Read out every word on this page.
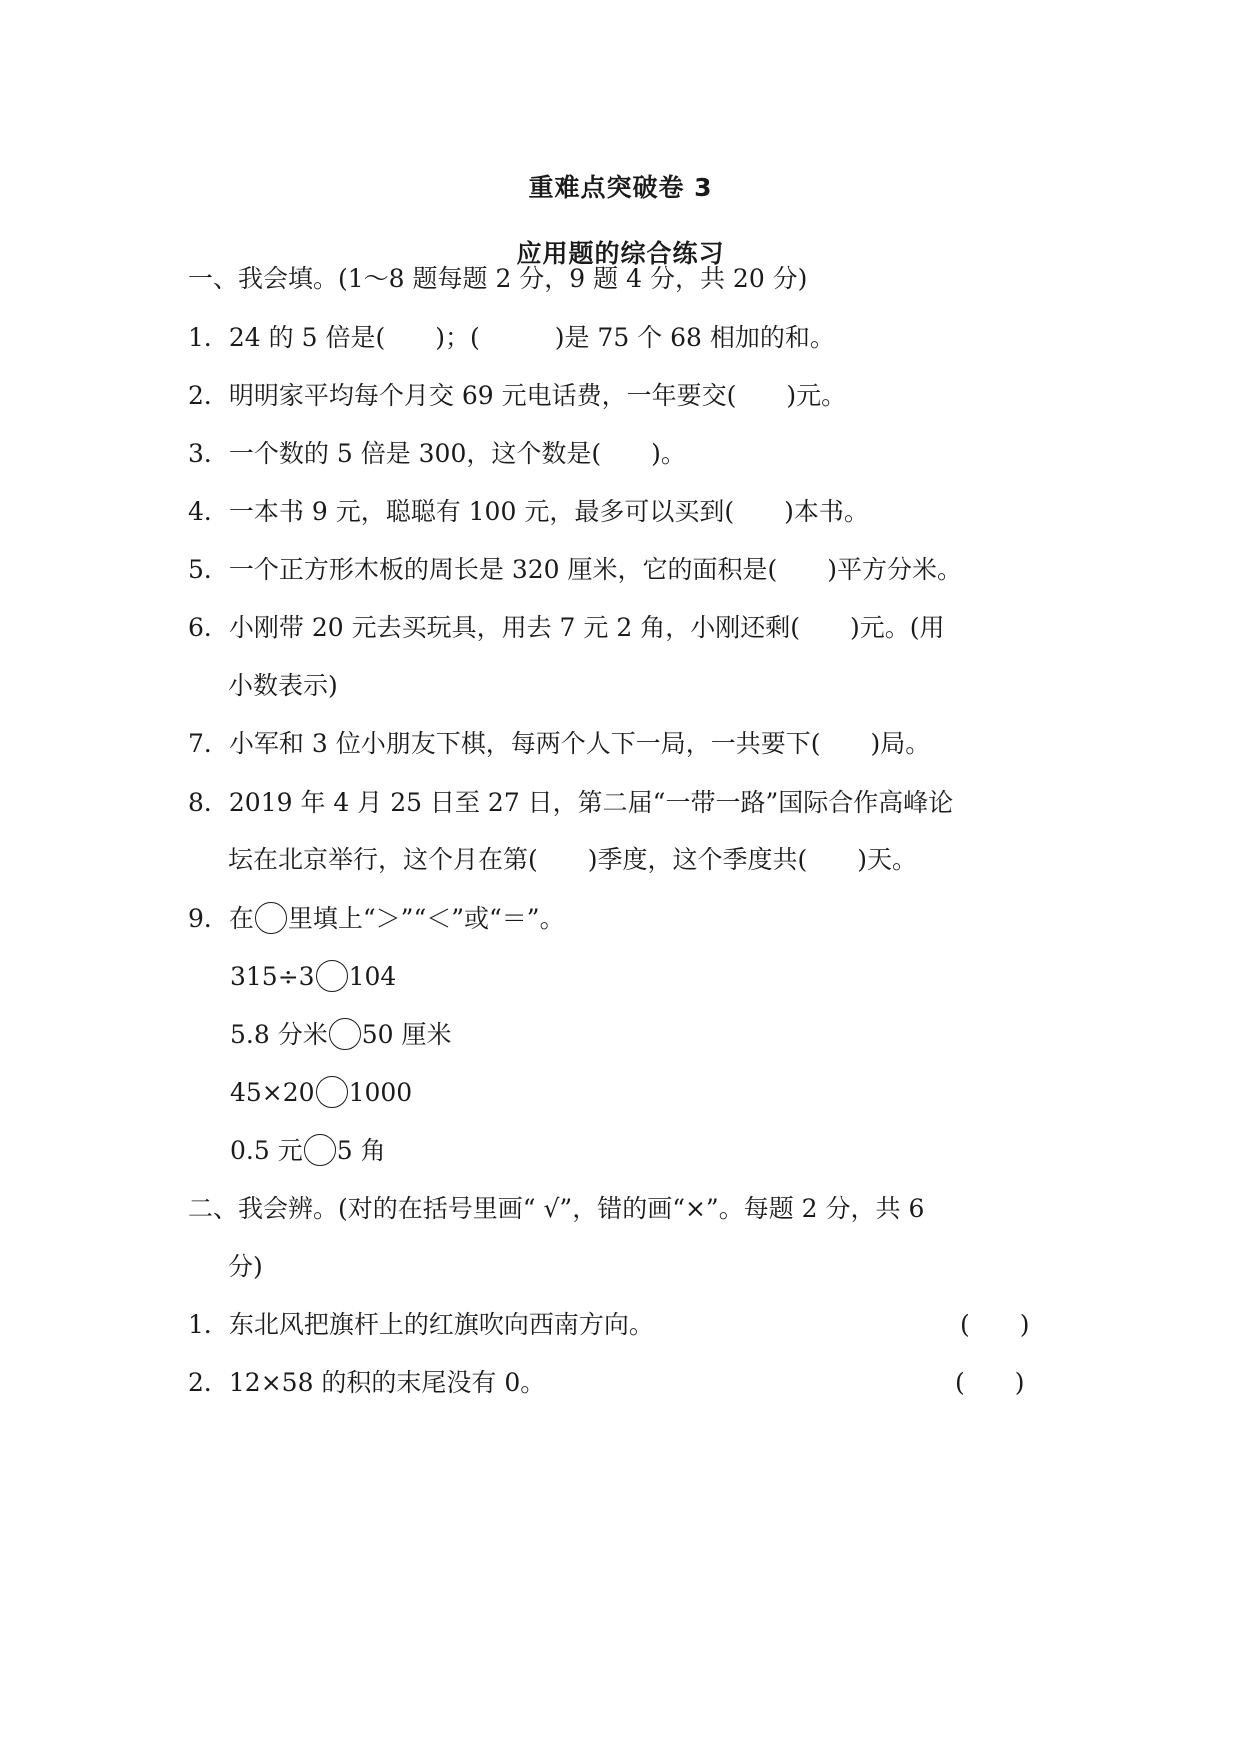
重难点突破卷 3
应用题的综合练习
一、我会填。(1～8 题每题 2 分，9 题 4 分，共 20 分)
1．24 的 5 倍是(　　)；(　　　)是 75 个 68 相加的和。
2．明明家平均每个月交 69 元电话费，一年要交(　　)元。
3．一个数的 5 倍是 300，这个数是(　　)。
4．一本书 9 元，聪聪有 100 元，最多可以买到(　　)本书。
5．一个正方形木板的周长是 320 厘米，它的面积是(　　)平方分米。
6．小刚带 20 元去买玩具，用去 7 元 2 角，小刚还剩(　　)元。(用
小数表示)
7．小军和 3 位小朋友下棋，每两个人下一局，一共要下(　　)局。
8．2019 年 4 月 25 日至 27 日，第二届“一带一路”国际合作高峰论
坛在北京举行，这个月在第(　　)季度，这个季度共(　　)天。
9．在 里填上“＞”“＜”或“＝”。
315÷3 104
5.8 分米 50 厘米
45×20 1000
0.5 元 5 角
二、我会辨。(对的在括号里画“ √”，错的画“×”。每题 2 分，共 6
分)
1．东北风把旗杆上的红旗吹向西南方向。	(　　)
2．12×58 的积的末尾没有 0。	(　　)
